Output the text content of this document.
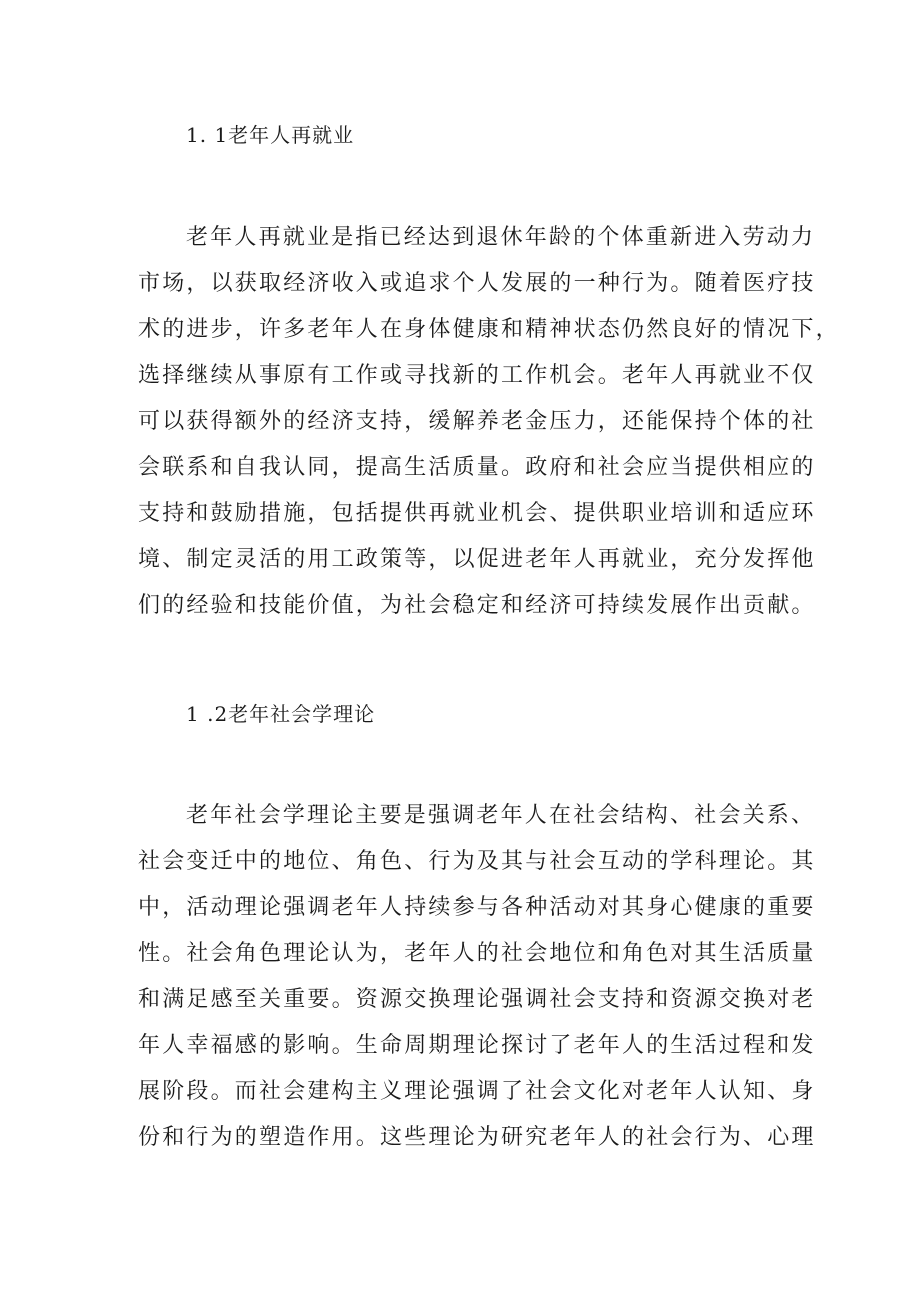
1. 1老年人再就业
老年人再就业是指已经达到退休年龄的个体重新进入劳动力
市场，以获取经济收入或追求个人发展的一种行为。随着医疗技
术的进步，许多老年人在身体健康和精神状态仍然良好的情况下，
选择继续从事原有工作或寻找新的工作机会。老年人再就业不仅
可以获得额外的经济支持，缓解养老金压力，还能保持个体的社
会联系和自我认同，提高生活质量。政府和社会应当提供相应的
支持和鼓励措施，包括提供再就业机会、提供职业培训和适应环
境、制定灵活的用工政策等，以促进老年人再就业，充分发挥他
们的经验和技能价值，为社会稳定和经济可持续发展作出贡献。
1 .2老年社会学理论
老年社会学理论主要是强调老年人在社会结构、社会关系、
社会变迁中的地位、角色、行为及其与社会互动的学科理论。其
中，活动理论强调老年人持续参与各种活动对其身心健康的重要
性。社会角色理论认为，老年人的社会地位和角色对其生活质量
和满足感至关重要。资源交换理论强调社会支持和资源交换对老
年人幸福感的影响。生命周期理论探讨了老年人的生活过程和发
展阶段。而社会建构主义理论强调了社会文化对老年人认知、身
份和行为的塑造作用。这些理论为研究老年人的社会行为、心理
